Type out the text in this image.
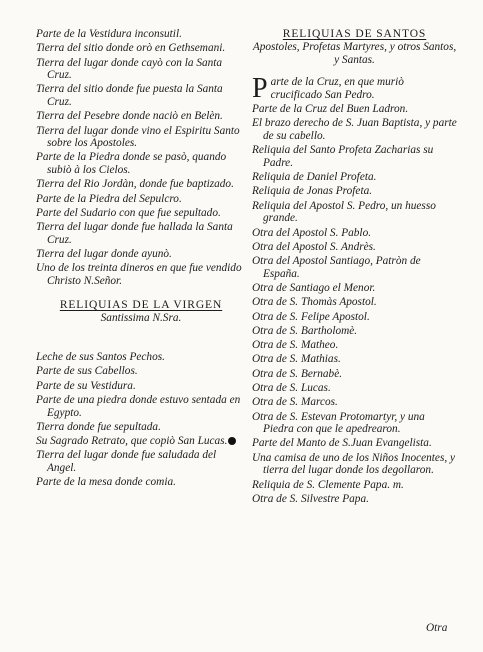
Parte de la Vestidura inconsutil.
Tierra del sitio donde orò en Gethsemani.
Tierra del lugar donde cayò con la Santa Cruz.
Tierra del sitio donde fue puesta la Santa Cruz.
Tierra del Pesebre donde naciò en Belèn.
Tierra del lugar donde vino el Espiritu Santo sobre los Apostoles.
Parte de la Piedra donde se pasò, quando subiò à los Cielos.
Tierra del Rio Jordàn, donde fue baptizado.
Parte de la Piedra del Sepulcro.
Parte del Sudario con que fue sepultado.
Tierra del lugar donde fue hallada la Santa Cruz.
Tierra del lugar donde ayunò.
Uno de los treinta dineros en que fue vendido Christo N.Señor.
RELIQUIAS DE LA VIRGEN
Santissima N.Sra.
Leche de sus Santos Pechos.
Parte de sus Cabellos.
Parte de su Vestidura.
Parte de una piedra donde estuvo sentada en Egypto.
Tierra donde fue sepultada.
Su Sagrado Retrato, que copiò San Lucas.
Tierra del lugar donde fue saludada del Angel.
Parte de la mesa donde comia.
RELIQUIAS DE SANTOS
Apostoles, Profetas Martyres, y otros Santos, y Santas.
Parte de la Cruz, en que muriò crucificado San Pedro.
Parte de la Cruz del Buen Ladron.
El brazo derecho de S. Juan Baptista, y parte de su cabello.
Reliquia del Santo Profeta Zacharias su Padre.
Reliquia de Daniel Profeta.
Reliquia de Jonas Profeta.
Reliquia del Apostol S. Pedro, un huesso grande.
Otra del Apostol S. Pablo.
Otra del Apostol S. Andrès.
Otra del Apostol Santiago, Patròn de España.
Otra de Santiago el Menor.
Otra de S. Thomàs Apostol.
Otra de S. Felipe Apostol.
Otra de S. Bartholomè.
Otra de S. Matheo.
Otra de S. Mathias.
Otra de S. Bernabè.
Otra de S. Lucas.
Otra de S. Marcos.
Otra de S. Estevan Protomartyr, y una Piedra con que le apedrearon.
Parte del Manto de S.Juan Evangelista.
Una camisa de uno de los Niños Inocentes, y tierra del lugar donde los degollaron.
Reliquia de S. Clemente Papa. m.
Otra de S. Silvestre Papa.
Otra
